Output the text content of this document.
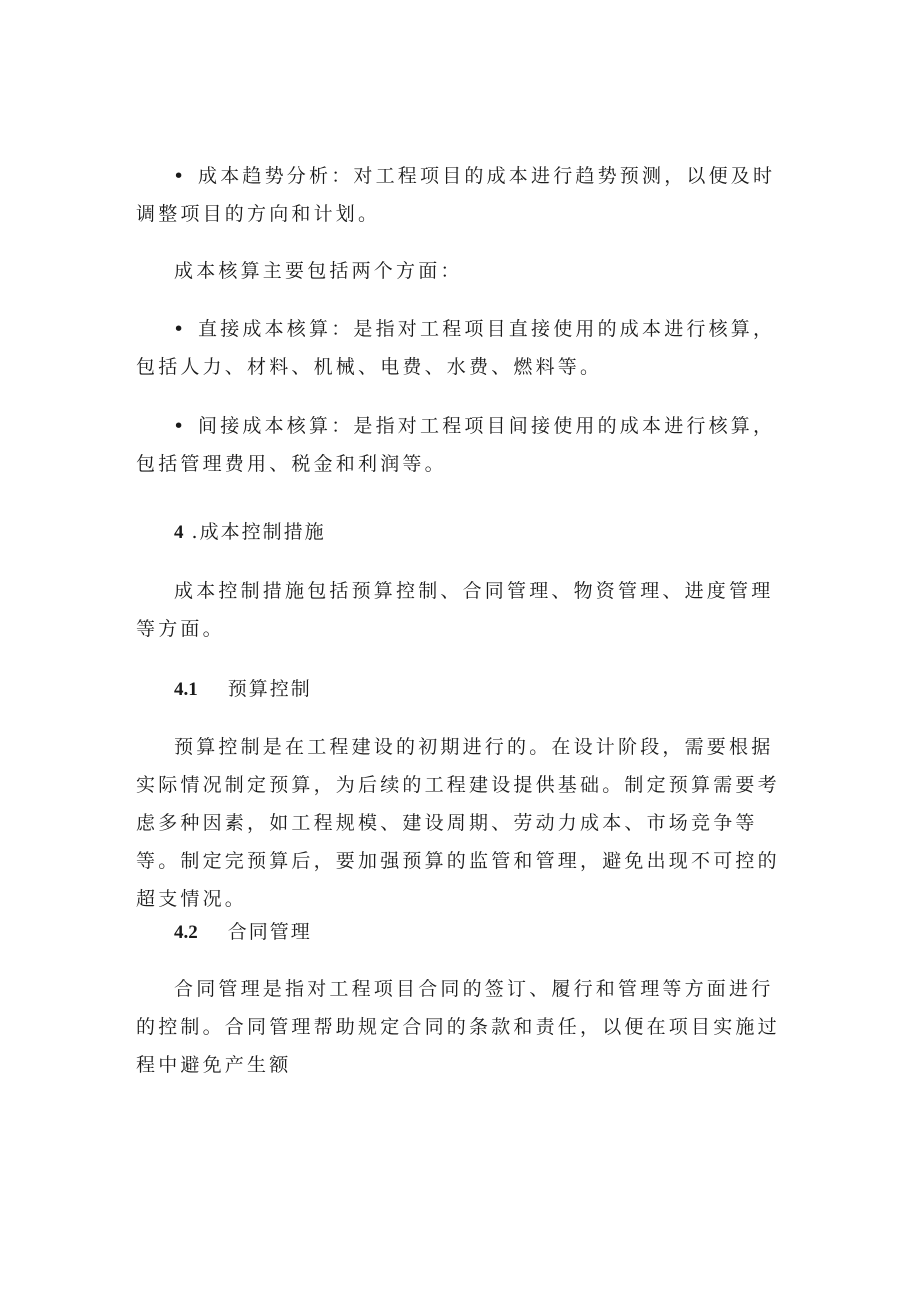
• 成本趋势分析：对工程项目的成本进行趋势预测，以便及时调整项目的方向和计划。
成本核算主要包括两个方面：
• 直接成本核算：是指对工程项目直接使用的成本进行核算，包括人力、材料、机械、电费、水费、燃料等。
• 间接成本核算：是指对工程项目间接使用的成本进行核算，包括管理费用、税金和利润等。
4 .成本控制措施
成本控制措施包括预算控制、合同管理、物资管理、进度管理等方面。
4.1 预算控制
预算控制是在工程建设的初期进行的。在设计阶段，需要根据实际情况制定预算，为后续的工程建设提供基础。制定预算需要考虑多种因素，如工程规模、建设周期、劳动力成本、市场竞争等等。制定完预算后，要加强预算的监管和管理，避免出现不可控的超支情况。
4.2 合同管理
合同管理是指对工程项目合同的签订、履行和管理等方面进行的控制。合同管理帮助规定合同的条款和责任，以便在项目实施过程中避免产生额
